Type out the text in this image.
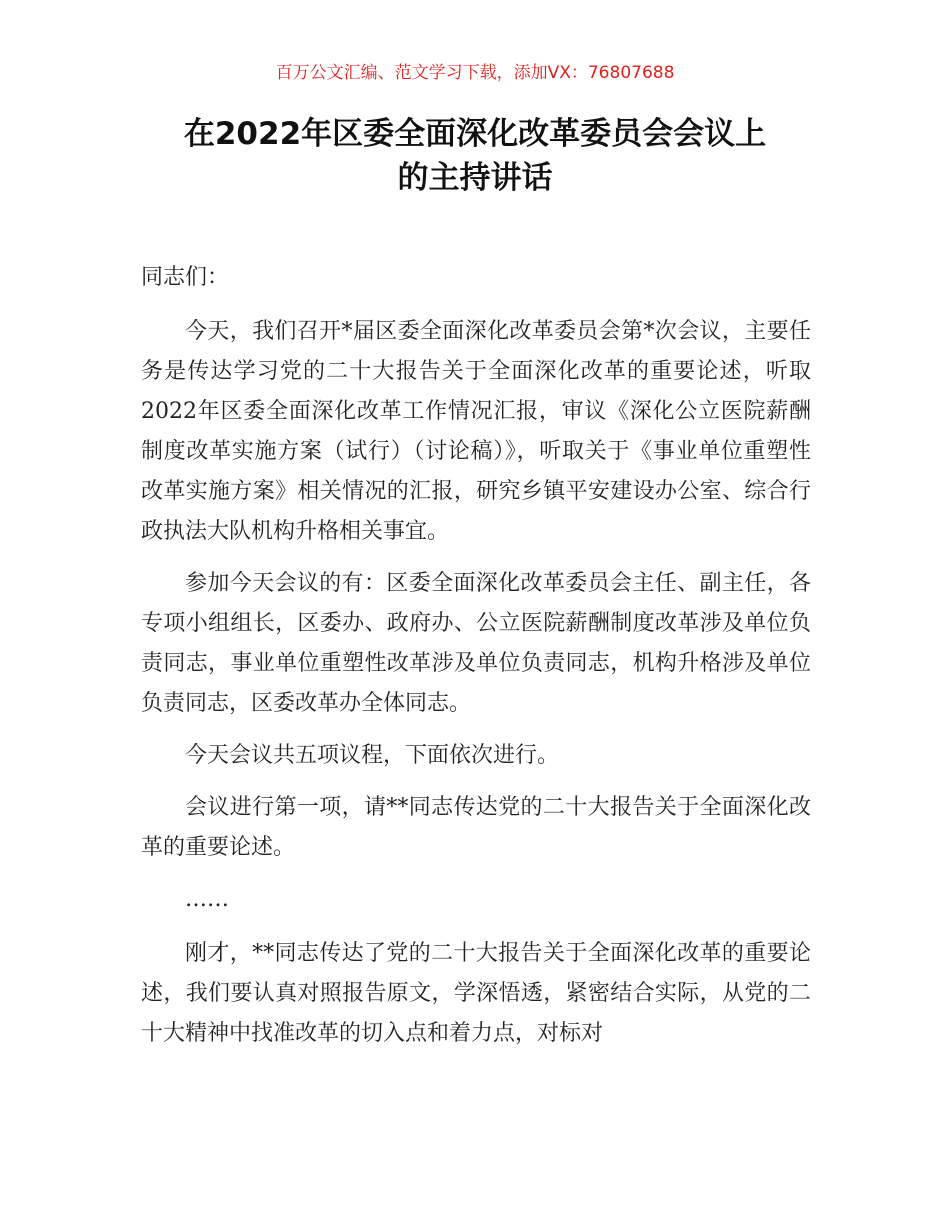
百万公文汇编、范文学习下载，添加VX：76807688
在2022年区委全面深化改革委员会会议上
的主持讲话

同志们：

今天，我们召开*届区委全面深化改革委员会第*次会议，主要任务是传达学习党的二十大报告关于全面深化改革的重要论述，听取2022年区委全面深化改革工作情况汇报，审议《深化公立医院薪酬制度改革实施方案（试行）（讨论稿）》，听取关于《事业单位重塑性改革实施方案》相关情况的汇报，研究乡镇平安建设办公室、综合行政执法大队机构升格相关事宜。

参加今天会议的有：区委全面深化改革委员会主任、副主任，各专项小组组长，区委办、政府办、公立医院薪酬制度改革涉及单位负责同志，事业单位重塑性改革涉及单位负责同志，机构升格涉及单位负责同志，区委改革办全体同志。

今天会议共五项议程，下面依次进行。

会议进行第一项，请**同志传达党的二十大报告关于全面深化改革的重要论述。

……

刚才，**同志传达了党的二十大报告关于全面深化改革的重要论述，我们要认真对照报告原文，学深悟透，紧密结合实际，从党的二十大精神中找准改革的切入点和着力点，对标对
